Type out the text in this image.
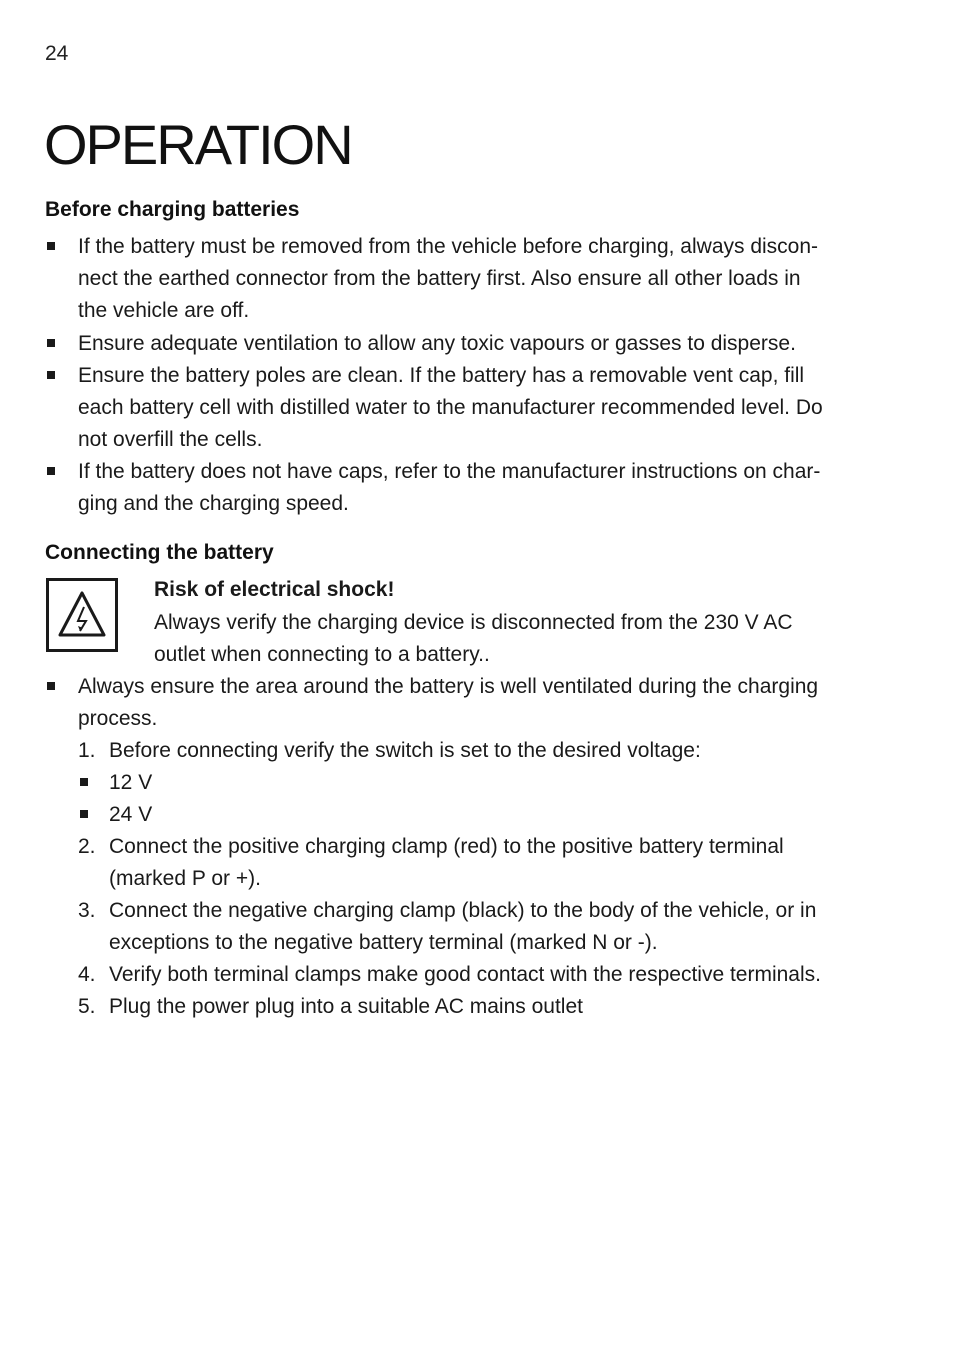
24
OPERATION
Before charging batteries
If the battery must be removed from the vehicle before charging, always discon-
nect the earthed connector from the battery first. Also ensure all other loads in
the vehicle are off.
Ensure adequate ventilation to allow any toxic vapours or gasses to disperse.
Ensure the battery poles are clean. If the battery has a removable vent cap, fill
each battery cell with distilled water to the manufacturer recommended level. Do
not overfill the cells.
If the battery does not have caps, refer to the manufacturer instructions on char-
ging and the charging speed.
Connecting the battery
Risk of electrical shock!
Always verify the charging device is disconnected from the 230 V AC
outlet when connecting to a battery..
Always ensure the area around the battery is well ventilated during the charging
process.
1. Before connecting verify the switch is set to the desired voltage:
12 V
24 V
2. Connect the positive charging clamp (red) to the positive battery terminal
(marked P or +).
3. Connect the negative charging clamp (black) to the body of the vehicle, or in
exceptions to the negative battery terminal (marked N or -).
4. Verify both terminal clamps make good contact with the respective terminals.
5. Plug the power plug into a suitable AC mains outlet
